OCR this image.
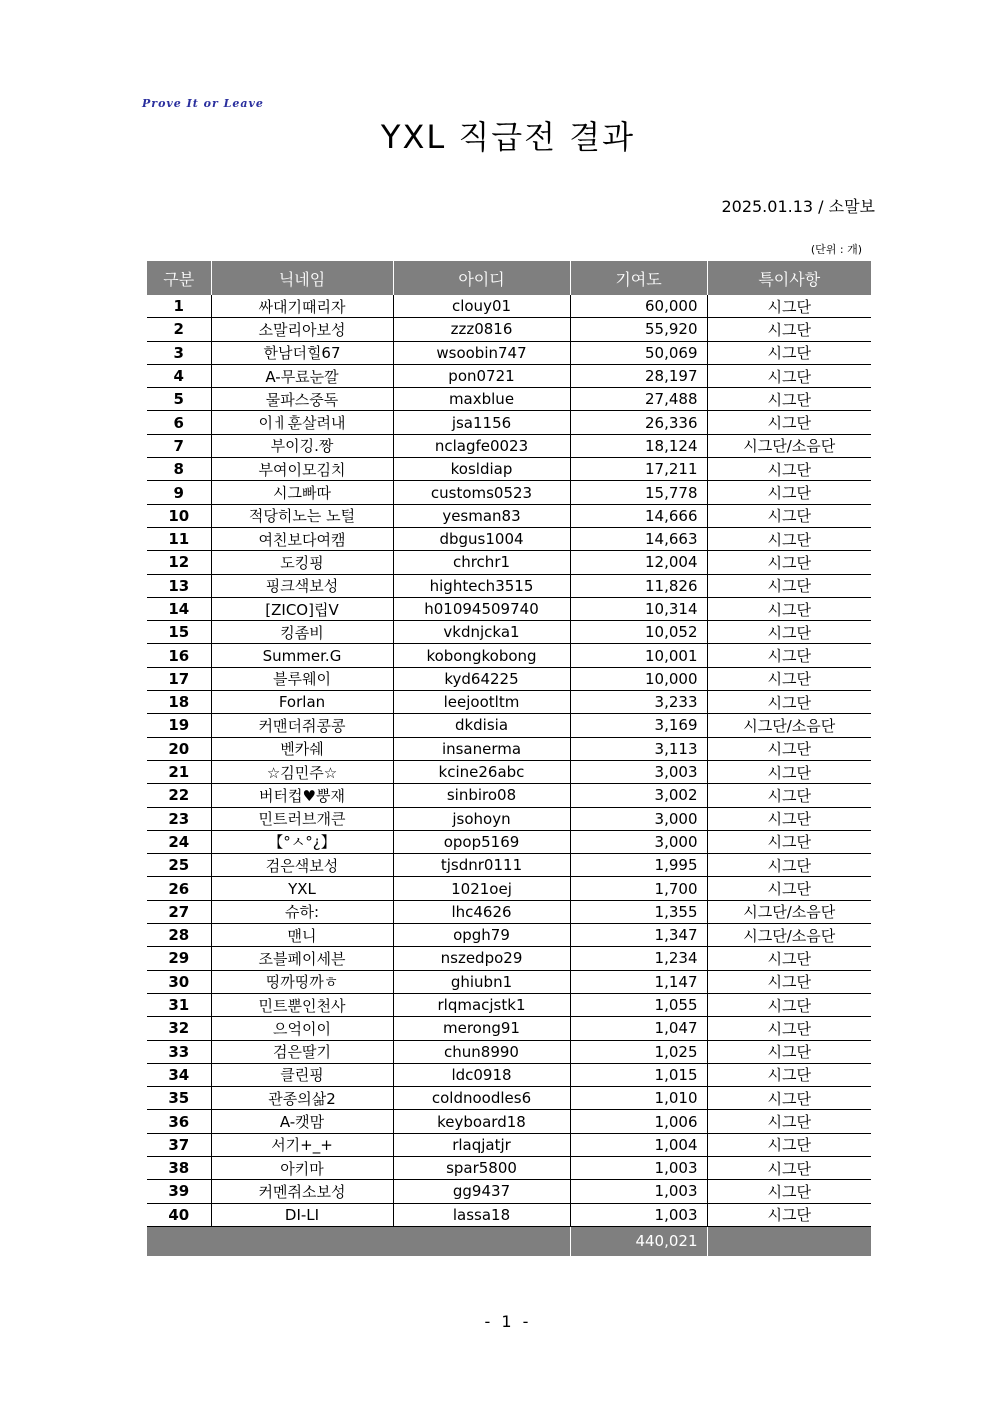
Prove It or Leave
YXL 직급전 결과
2025.01.13 / 소말보
(단위 : 개)
구분	닉네임	아이디	기여도	특이사항
1	싸대기때리자	clouy01	60,000	시그단
2	소말리아보성	zzz0816	55,920	시그단
3	한남더힐67	wsoobin747	50,069	시그단
4	A-무료눈깔	pon0721	28,197	시그단
5	물파스중독	maxblue	27,488	시그단
6	이ㅔ훈살려내	jsa1156	26,336	시그단
7	부이깅.짱	nclagfe0023	18,124	시그단/소음단
8	부여이모김치	kosldiap	17,211	시그단
9	시그빠따	customs0523	15,778	시그단
10	적당히노는 노털	yesman83	14,666	시그단
11	여친보다여캠	dbgus1004	14,663	시그단
12	도킹핑	chrchr1	12,004	시그단
13	핑크색보성	hightech3515	11,826	시그단
14	[ZICO]립V	h01094509740	10,314	시그단
15	킹좀비	vkdnjcka1	10,052	시그단
16	Summer.G	kobongkobong	10,001	시그단
17	블루웨이	kyd64225	10,000	시그단
18	Forlan	leejootltm	3,233	시그단
19	커맨더쥐콩콩	dkdisia	3,169	시그단/소음단
20	벤카쉐	insanerma	3,113	시그단
21	☆김민주☆	kcine26abc	3,003	시그단
22	버터컵♥뿡재	sinbiro08	3,002	시그단
23	민트러브개큰	jsohoyn	3,000	시그단
24	【°ㅅ°¿】	opop5169	3,000	시그단
25	검은색보성	tjsdnr0111	1,995	시그단
26	YXL	1021oej	1,700	시그단
27	슈하:	lhc4626	1,355	시그단/소음단
28	맨니	opgh79	1,347	시그단/소음단
29	조블페이세븐	nszedpo29	1,234	시그단
30	띵까띵까ㅎ	ghiubn1	1,147	시그단
31	민트뿐인천사	rlqmacjstk1	1,055	시그단
32	으억이이	merong91	1,047	시그단
33	검은딸기	chun8990	1,025	시그단
34	클린핑	ldc0918	1,015	시그단
35	관종의삶2	coldnoodles6	1,010	시그단
36	A-캣맘	keyboard18	1,006	시그단
37	서기+_+	rlaqjatjr	1,004	시그단
38	아키마	spar5800	1,003	시그단
39	커멘쥐소보성	gg9437	1,003	시그단
40	DI-LI	lassa18	1,003	시그단
			440,021	
- 1 -
